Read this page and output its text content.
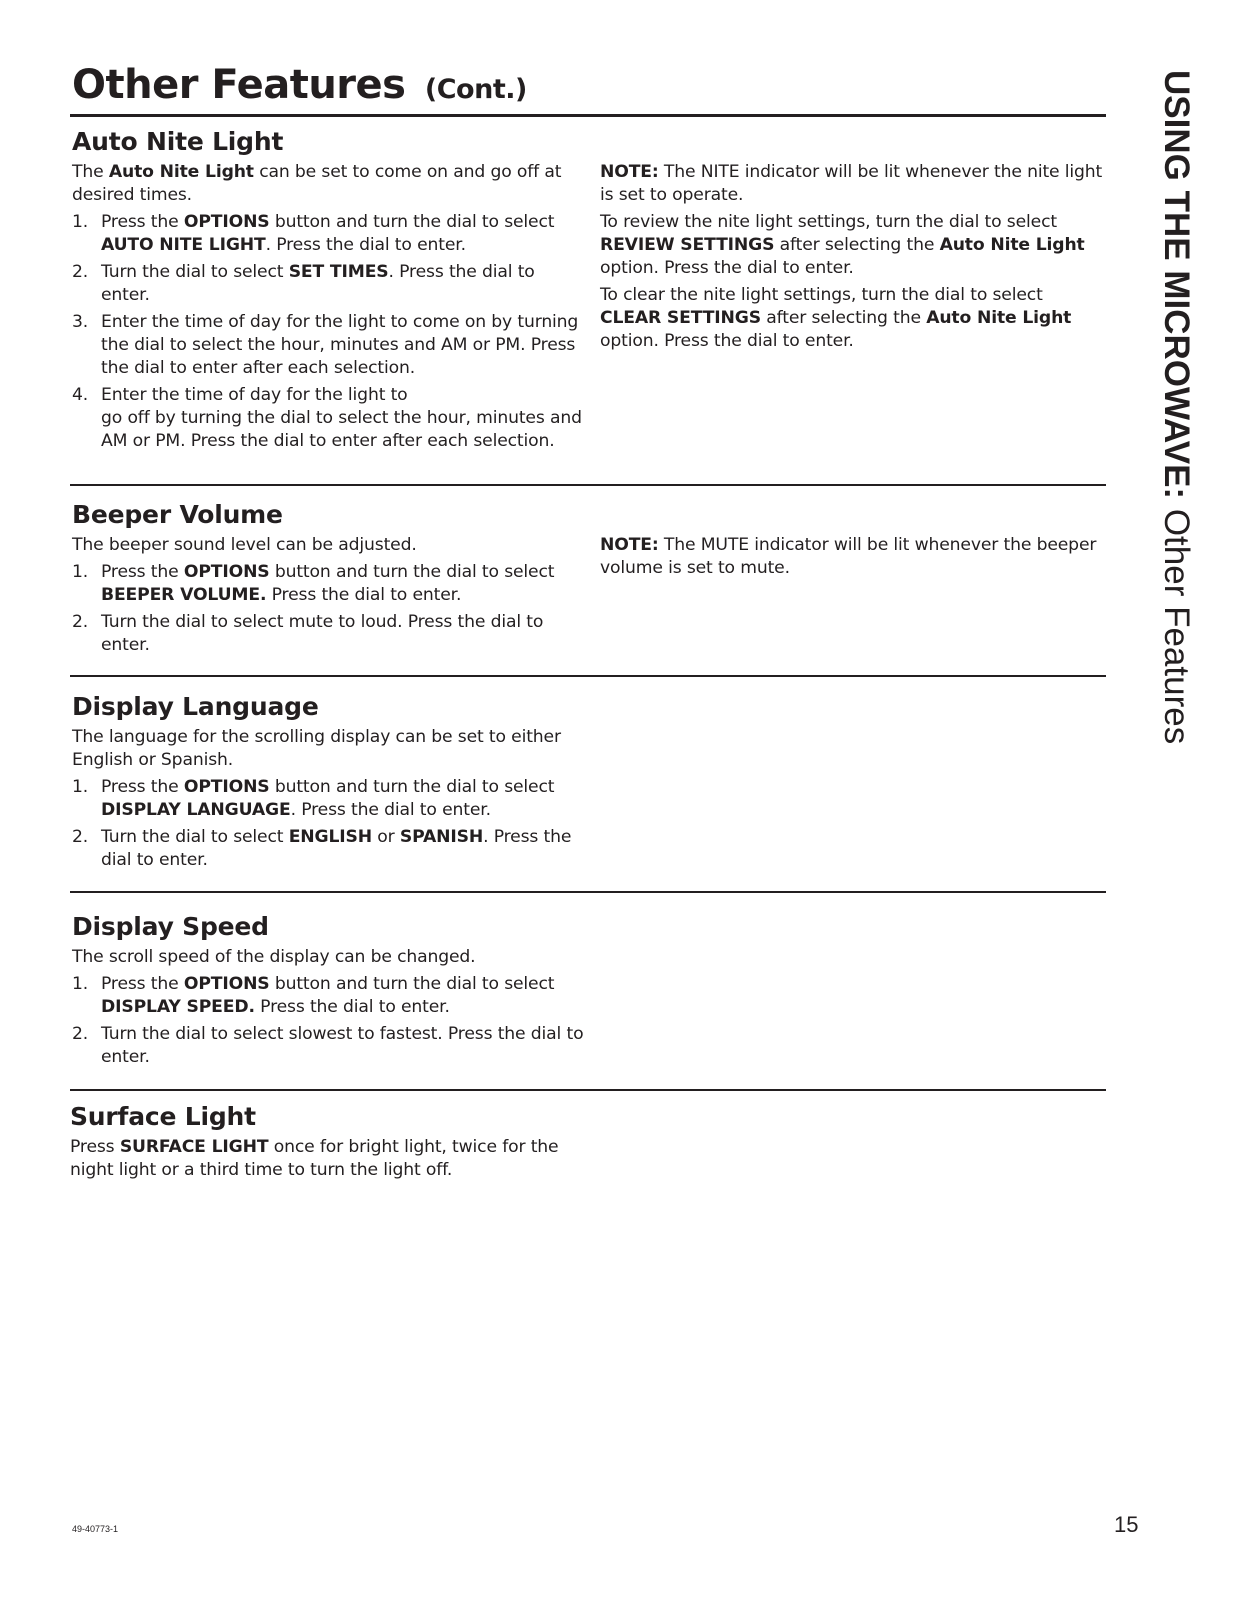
Other Features (Cont.)
Auto Nite Light

The Auto Nite Light can be set to come on and go off at desired times.

1. Press the OPTIONS button and turn the dial to select AUTO NITE LIGHT. Press the dial to enter.
2. Turn the dial to select SET TIMES. Press the dial to enter.
3. Enter the time of day for the light to come on by turning the dial to select the hour, minutes and AM or PM. Press the dial to enter after each selection.
4. Enter the time of day for the light to
go off by turning the dial to select the hour, minutes and AM or PM. Press the dial to enter after each selection.

NOTE: The NITE indicator will be lit whenever the nite light is set to operate.

To review the nite light settings, turn the dial to select REVIEW SETTINGS after selecting the Auto Nite Light option. Press the dial to enter.

To clear the nite light settings, turn the dial to select CLEAR SETTINGS after selecting the Auto Nite Light option. Press the dial to enter.

Beeper Volume

The beeper sound level can be adjusted.

1. Press the OPTIONS button and turn the dial to select BEEPER VOLUME. Press the dial to enter.
2. Turn the dial to select mute to loud. Press the dial to enter.

NOTE: The MUTE indicator will be lit whenever the beeper volume is set to mute.

Display Language

The language for the scrolling display can be set to either English or Spanish.

1. Press the OPTIONS button and turn the dial to select DISPLAY LANGUAGE. Press the dial to enter.
2. Turn the dial to select ENGLISH or SPANISH. Press the dial to enter.
Display Speed

The scroll speed of the display can be changed.

1. Press the OPTIONS button and turn the dial to select DISPLAY SPEED. Press the dial to enter.
2. Turn the dial to select slowest to fastest. Press the dial to enter.
Surface Light

Press SURFACE LIGHT once for bright light, twice for the night light or a third time to turn the light off.

USING THE MICROWAVE: Other Features
49-40773-1	15
